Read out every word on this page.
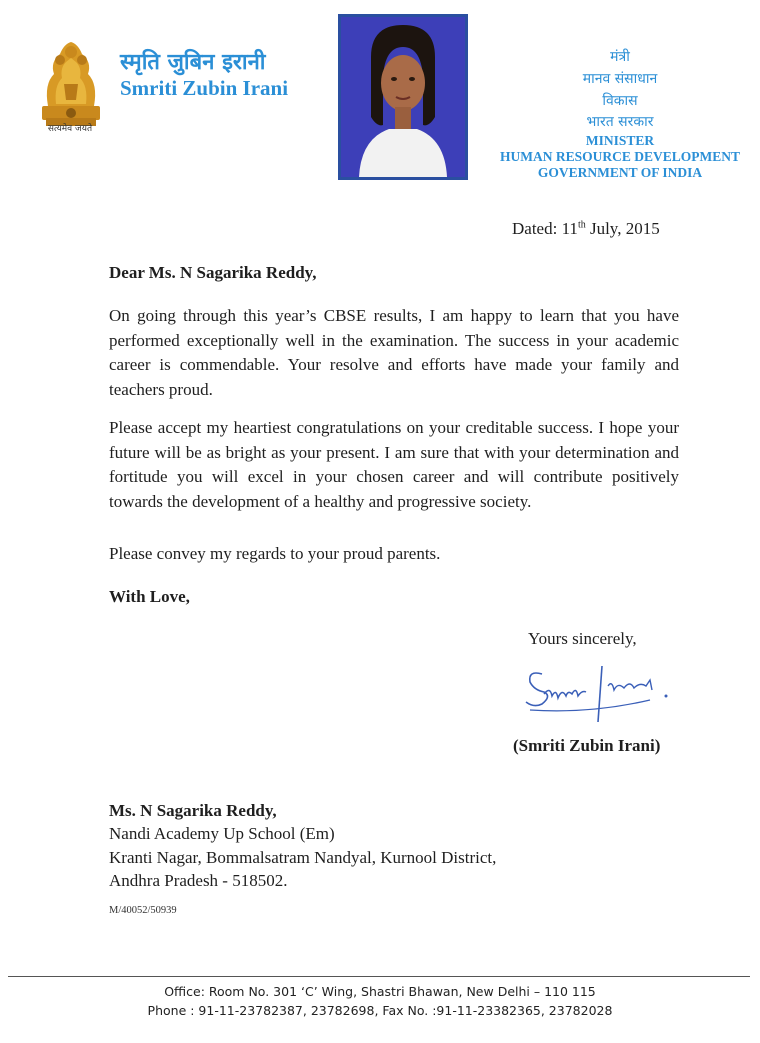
सत्यमेव जयते
स्मृति जुबिन इरानी
Smriti Zubin Irani
मंत्री
मानव संसाधान
विकास
भारत सरकार
MINISTER
HUMAN RESOURCE DEVELOPMENT
GOVERNMENT OF INDIA
Dated: 11th July, 2015
Dear Ms. N Sagarika Reddy,
On going through this year’s CBSE results, I am happy to learn that you have performed exceptionally well in the examination. The success in your academic career is commendable. Your resolve and efforts have made your family and teachers proud.
Please accept my heartiest congratulations on your creditable success. I hope your future will be as bright as your present. I am sure that with your determination and fortitude you will excel in your chosen career and will contribute positively towards the development of a healthy and progressive society.
Please convey my regards to your proud parents.
With Love,
Yours sincerely,
(Smriti Zubin Irani)
Ms. N Sagarika Reddy,
Nandi Academy Up School (Em)
Kranti Nagar, Bommalsatram Nandyal, Kurnool District,
Andhra Pradesh - 518502.
M/40052/50939
Office: Room No. 301 ‘C’ Wing, Shastri Bhawan, New Delhi – 110 115
Phone : 91-11-23782387, 23782698, Fax No. :91-11-23382365, 23782028
